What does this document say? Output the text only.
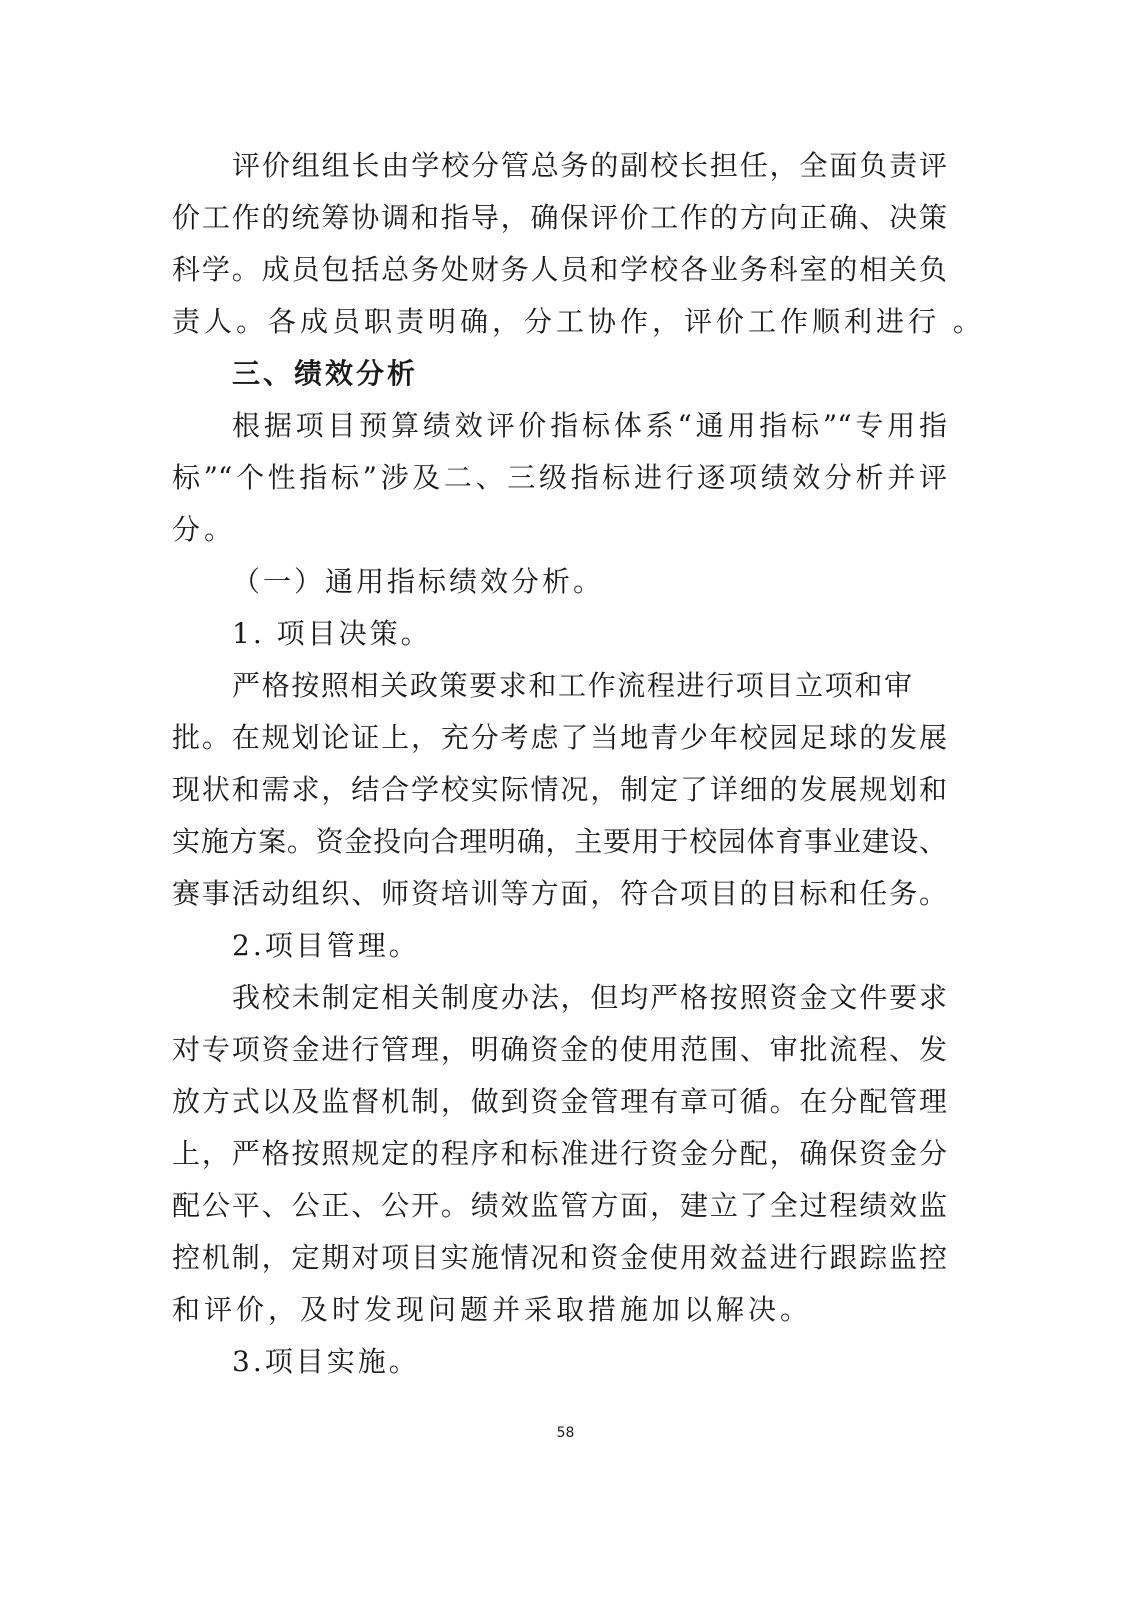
评价组组长由学校分管总务的副校长担任，全面负责评
价工作的统筹协调和指导，确保评价工作的方向正确、决策
科学。成员包括总务处财务人员和学校各业务科室的相关负
责人。各成员职责明确，分工协作，评价工作顺利进行 。
三、绩效分析
根据项目预算绩效评价指标体系“通用指标”“专用指
标”“个性指标”涉及二、三级指标进行逐项绩效分析并评
分。
（一）通用指标绩效分析。
1. 项目决策。
严格按照相关政策要求和工作流程进行项目立项和审
批。在规划论证上，充分考虑了当地青少年校园足球的发展
现状和需求，结合学校实际情况，制定了详细的发展规划和
实施方案。资金投向合理明确，主要用于校园体育事业建设、
赛事活动组织、师资培训等方面，符合项目的目标和任务。
2.项目管理。
我校未制定相关制度办法，但均严格按照资金文件要求
对专项资金进行管理，明确资金的使用范围、审批流程、发
放方式以及监督机制，做到资金管理有章可循。在分配管理
上，严格按照规定的程序和标准进行资金分配，确保资金分
配公平、公正、公开。绩效监管方面，建立了全过程绩效监
控机制，定期对项目实施情况和资金使用效益进行跟踪监控
和评价，及时发现问题并采取措施加以解决。
3.项目实施。
58
